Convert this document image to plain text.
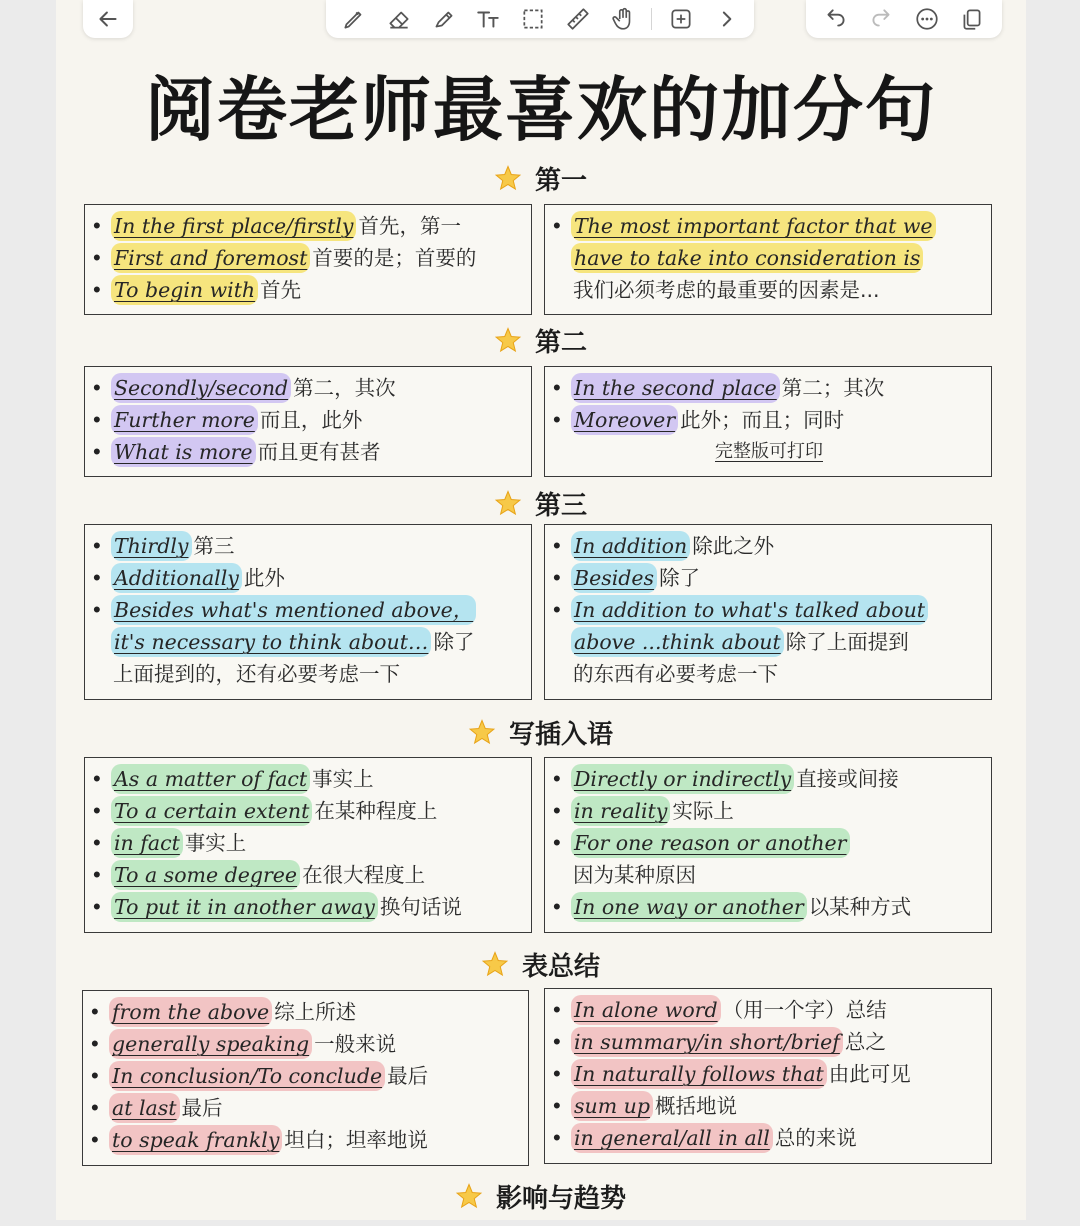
阅卷老师最喜欢的加分句
第一
第二
第三
写插入语
表总结
影响与趋势
• In the first place/firstly 首先，第一
• First and foremost 首要的是；首要的
• To begin with 首先
• The most important factor that we
have to take into consideration is
我们必须考虑的最重要的因素是...
• Secondly/second 第二，其次
• Further more 而且，此外
• What is more 而且更有甚者
• In the second place 第二；其次
• Moreover 此外；而且；同时
完整版可打印
• Thirdly 第三
• Additionally 此外
• Besides what's mentioned above，
it's necessary to think about… 除了
上面提到的，还有必要考虑一下
• In addition 除此之外
• Besides 除了
• In addition to what's talked about
above ...think about 除了上面提到
的东西有必要考虑一下
• As a matter of fact 事实上
• To a certain extent 在某种程度上
• in fact 事实上
• To a some degree 在很大程度上
• To put it in another away 换句话说
• Directly or indirectly 直接或间接
• in reality 实际上
• For one reason or another
因为某种原因
• In one way or another 以某种方式
• from the above 综上所述
• generally speaking 一般来说
• In conclusion/To conclude 最后
• at last 最后
• to speak frankly 坦白；坦率地说
• In alone word （用一个字）总结
• in summary/in short/brief 总之
• In naturally follows that 由此可见
• sum up 概括地说
• in general/all in all 总的来说
